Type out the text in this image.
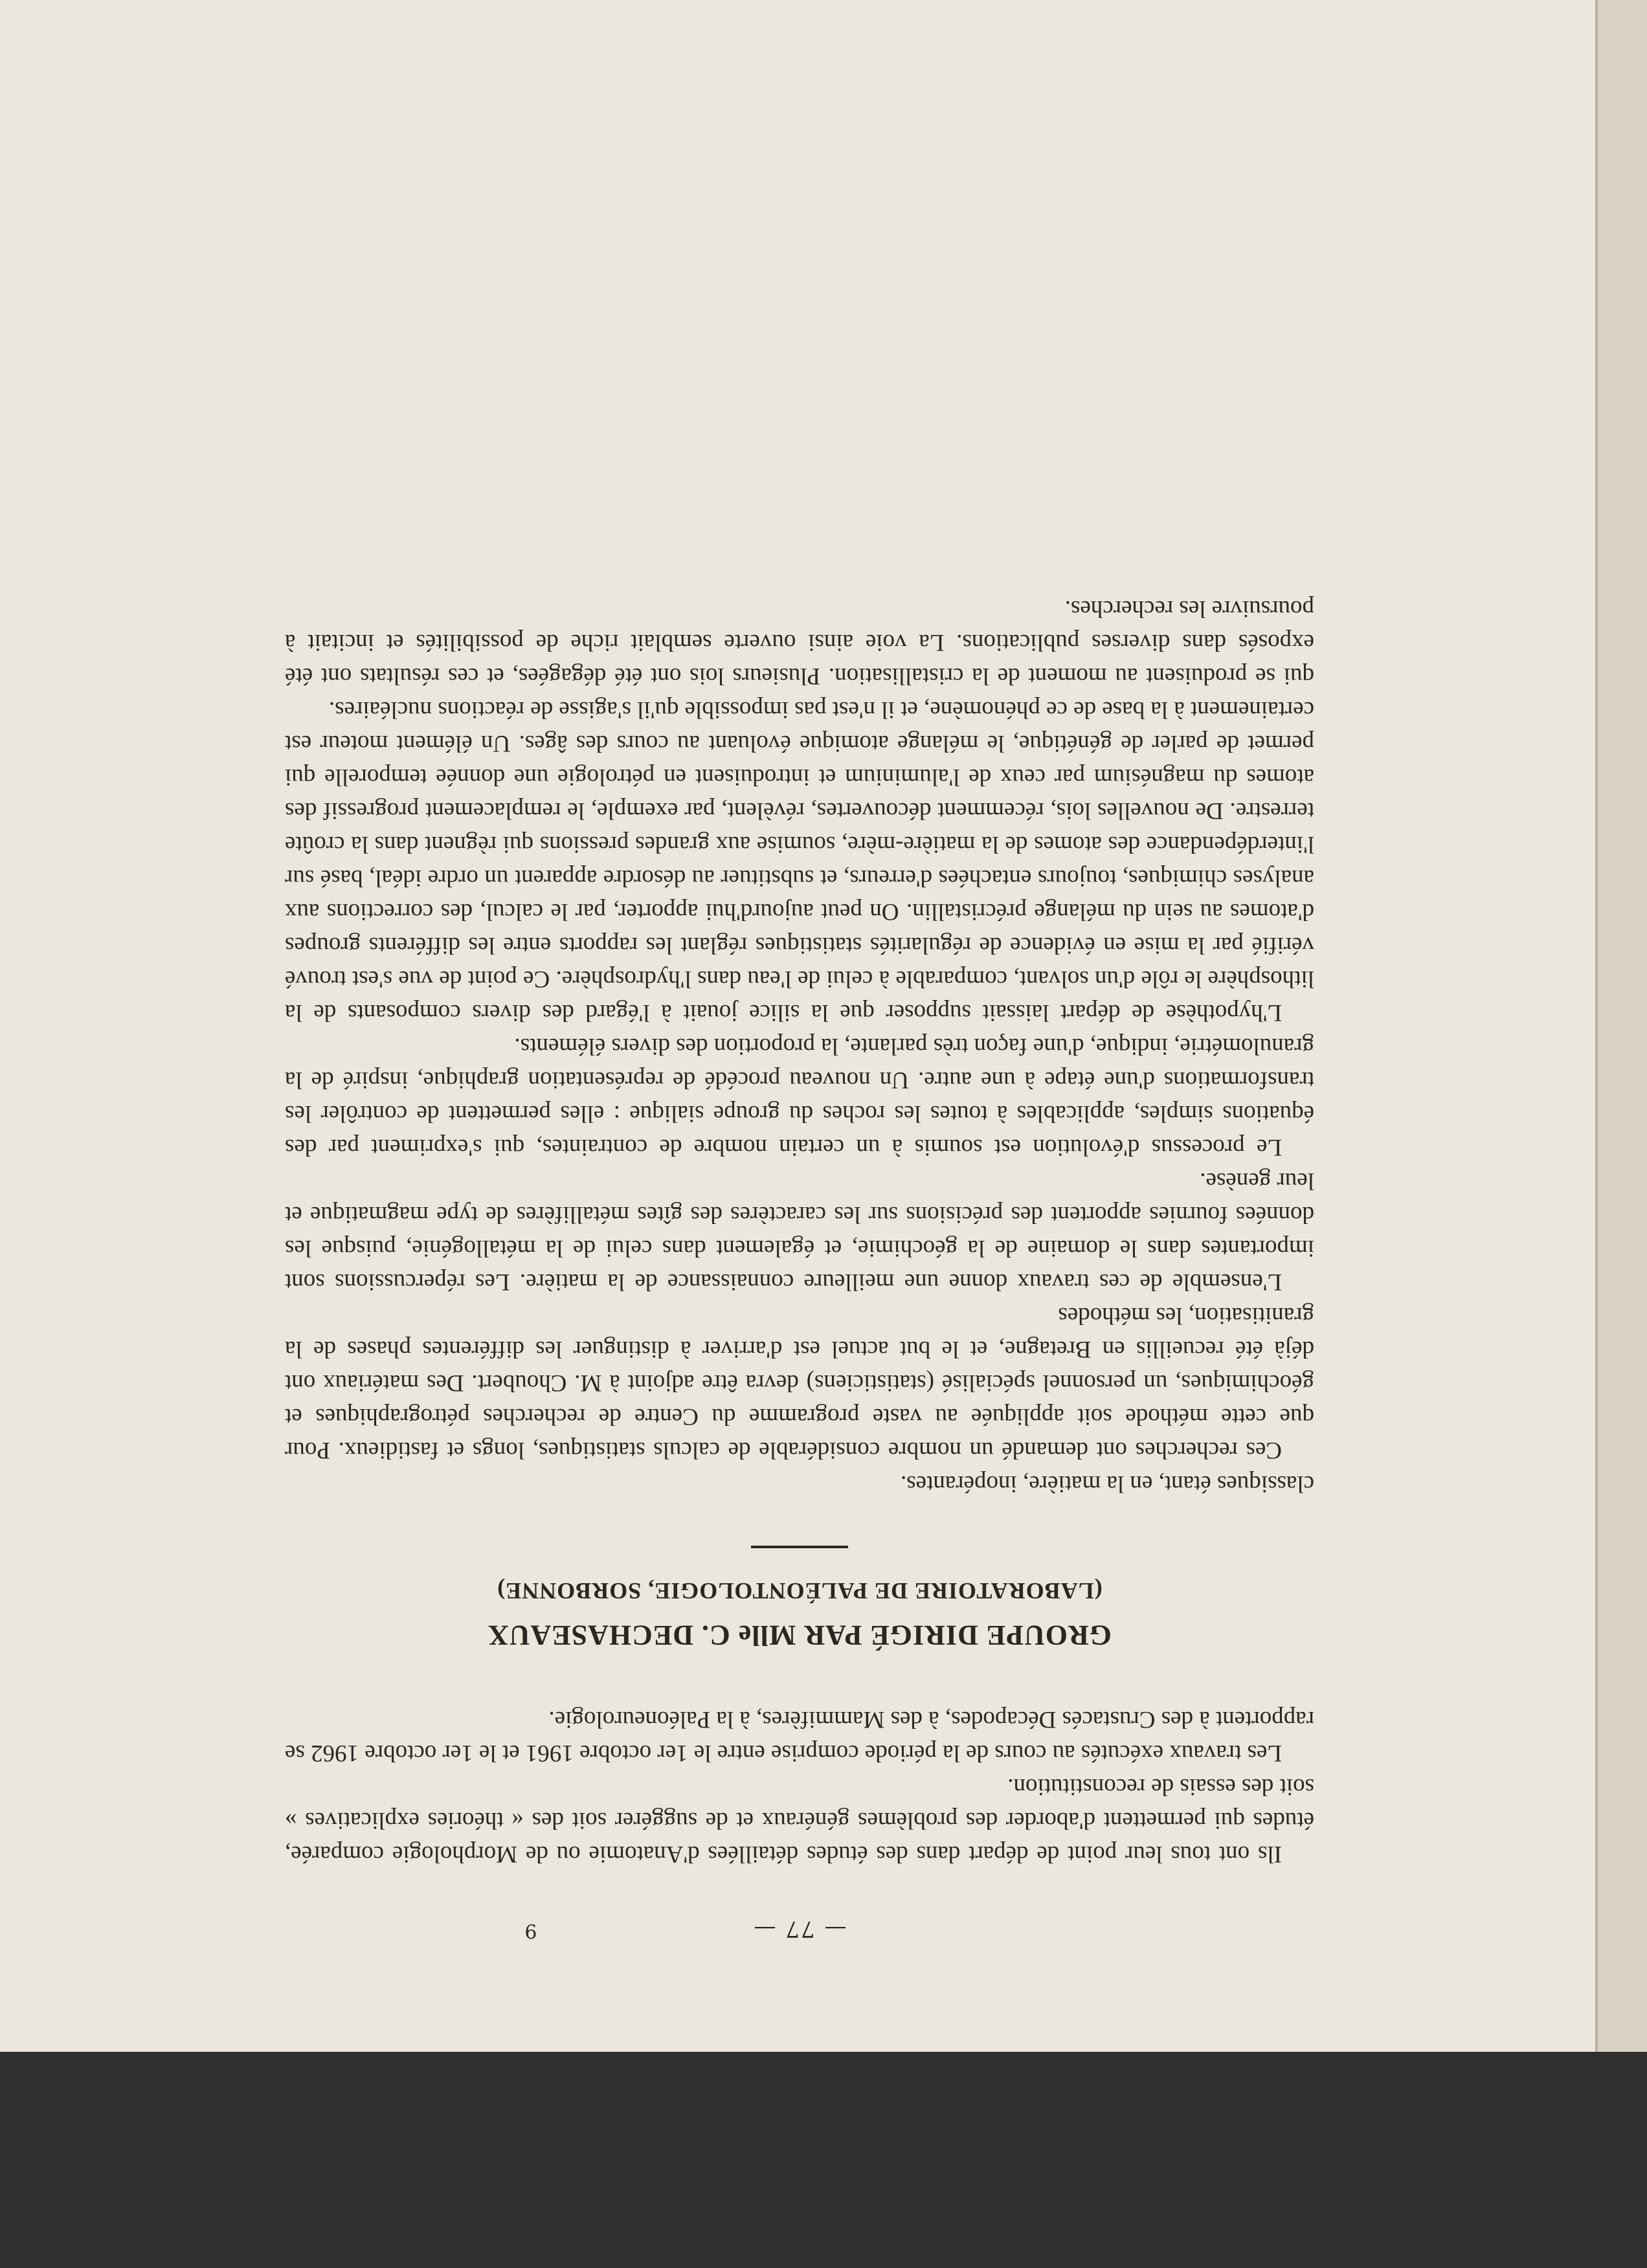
— 77 —
9

Ils ont tous leur point de départ dans des études détaillées d'Anatomie ou de Morphologie comparée, études qui permettent d'aborder des problèmes généraux et de suggérer soit des « théories explicatives » soit des essais de reconstitution.

Les travaux exécutés au cours de la période comprise entre le 1er octobre 1961 et le 1er octobre 1962 se rapportent à des Crustacés Décapodes, à des Mammifères, à la Paléoneurologie.

GROUPE DIRIGÉ PAR Mlle C. DECHASEAUX
(LABORATOIRE DE PALÉONTOLOGIE, SORBONNE)

classiques étant, en la matière, inopérantes.

Ces recherches ont demandé un nombre considérable de calculs statistiques, longs et fastidieux. Pour que cette méthode soit appliquée au vaste programme du Centre de recherches pétrographiques et géochimiques, un personnel spécialisé (statisticiens) devra être adjoint à M. Choubert. Des matériaux ont déjà été recueillis en Bretagne, et le but actuel est d'arriver à distinguer les différentes phases de la granitisation, les méthodes

L'ensemble de ces travaux donne une meilleure connaissance de la matière. Les répercussions sont importantes dans le domaine de la géochimie, et également dans celui de la métallogénie, puisque les données fournies apportent des précisions sur les caractères des gîtes métallifères de type magmatique et leur genèse.

Le processus d'évolution est soumis à un certain nombre de contraintes, qui s'expriment par des équations simples, applicables à toutes les roches du groupe sialique : elles permettent de contrôler les transformations d'une étape à une autre. Un nouveau procédé de représentation graphique, inspiré de la granulométrie, indique, d'une façon très parlante, la proportion des divers éléments.

L'hypothèse de départ laissait supposer que la silice jouait à l'égard des divers composants de la lithosphère le rôle d'un solvant, comparable à celui de l'eau dans l'hydrosphère. Ce point de vue s'est trouvé vérifié par la mise en évidence de régularités statistiques réglant les rapports entre les différents groupes d'atomes au sein du mélange précristallin. On peut aujourd'hui apporter, par le calcul, des corrections aux analyses chimiques, toujours entachées d'erreurs, et substituer au désordre apparent un ordre idéal, basé sur l'interdépendance des atomes de la matière-mère, soumise aux grandes pressions qui règnent dans la croûte terrestre. De nouvelles lois, récemment découvertes, révèlent, par exemple, le remplacement progressif des atomes du magnésium par ceux de l'aluminium et introduisent en pétrologie une donnée temporelle qui permet de parler de génétique, le mélange atomique évoluant au cours des âges. Un élément moteur est certainement à la base de ce phénomène, et il n'est pas impossible qu'il s'agisse de réactions nucléaires.

qui se produisent au moment de la cristallisation. Plusieurs lois ont été dégagées, et ces résultats ont été exposés dans diverses publications. La voie ainsi ouverte semblait riche de possibilités et incitait à poursuivre les recherches.
